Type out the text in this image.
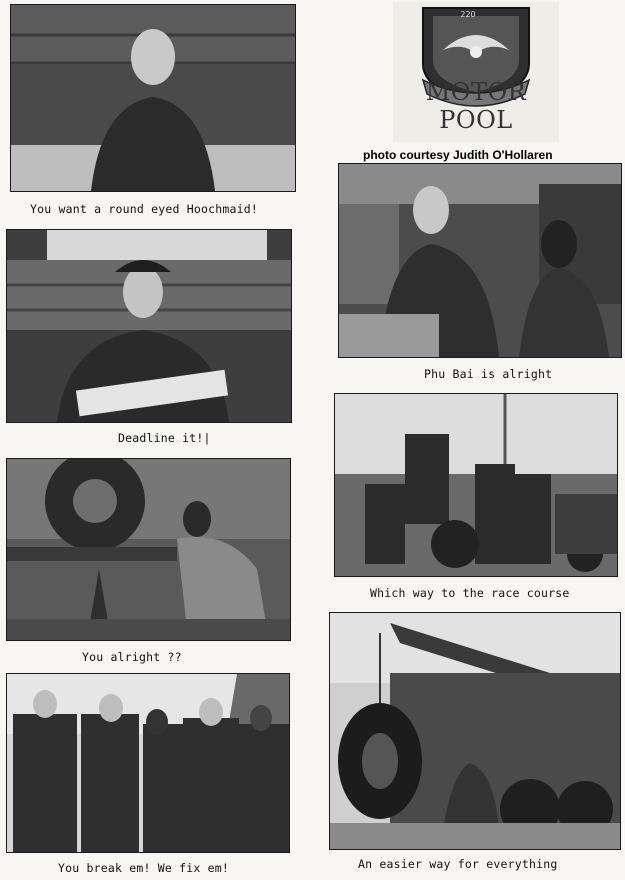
220
MOTOR POOL
photo courtesy Judith O'Hollaren
You want a round eyed Hoochmaid!
Deadline it!|
You alright ??
You break em! We fix em!
Phu Bai is alright
Which way to the race course
An easier way for everything
